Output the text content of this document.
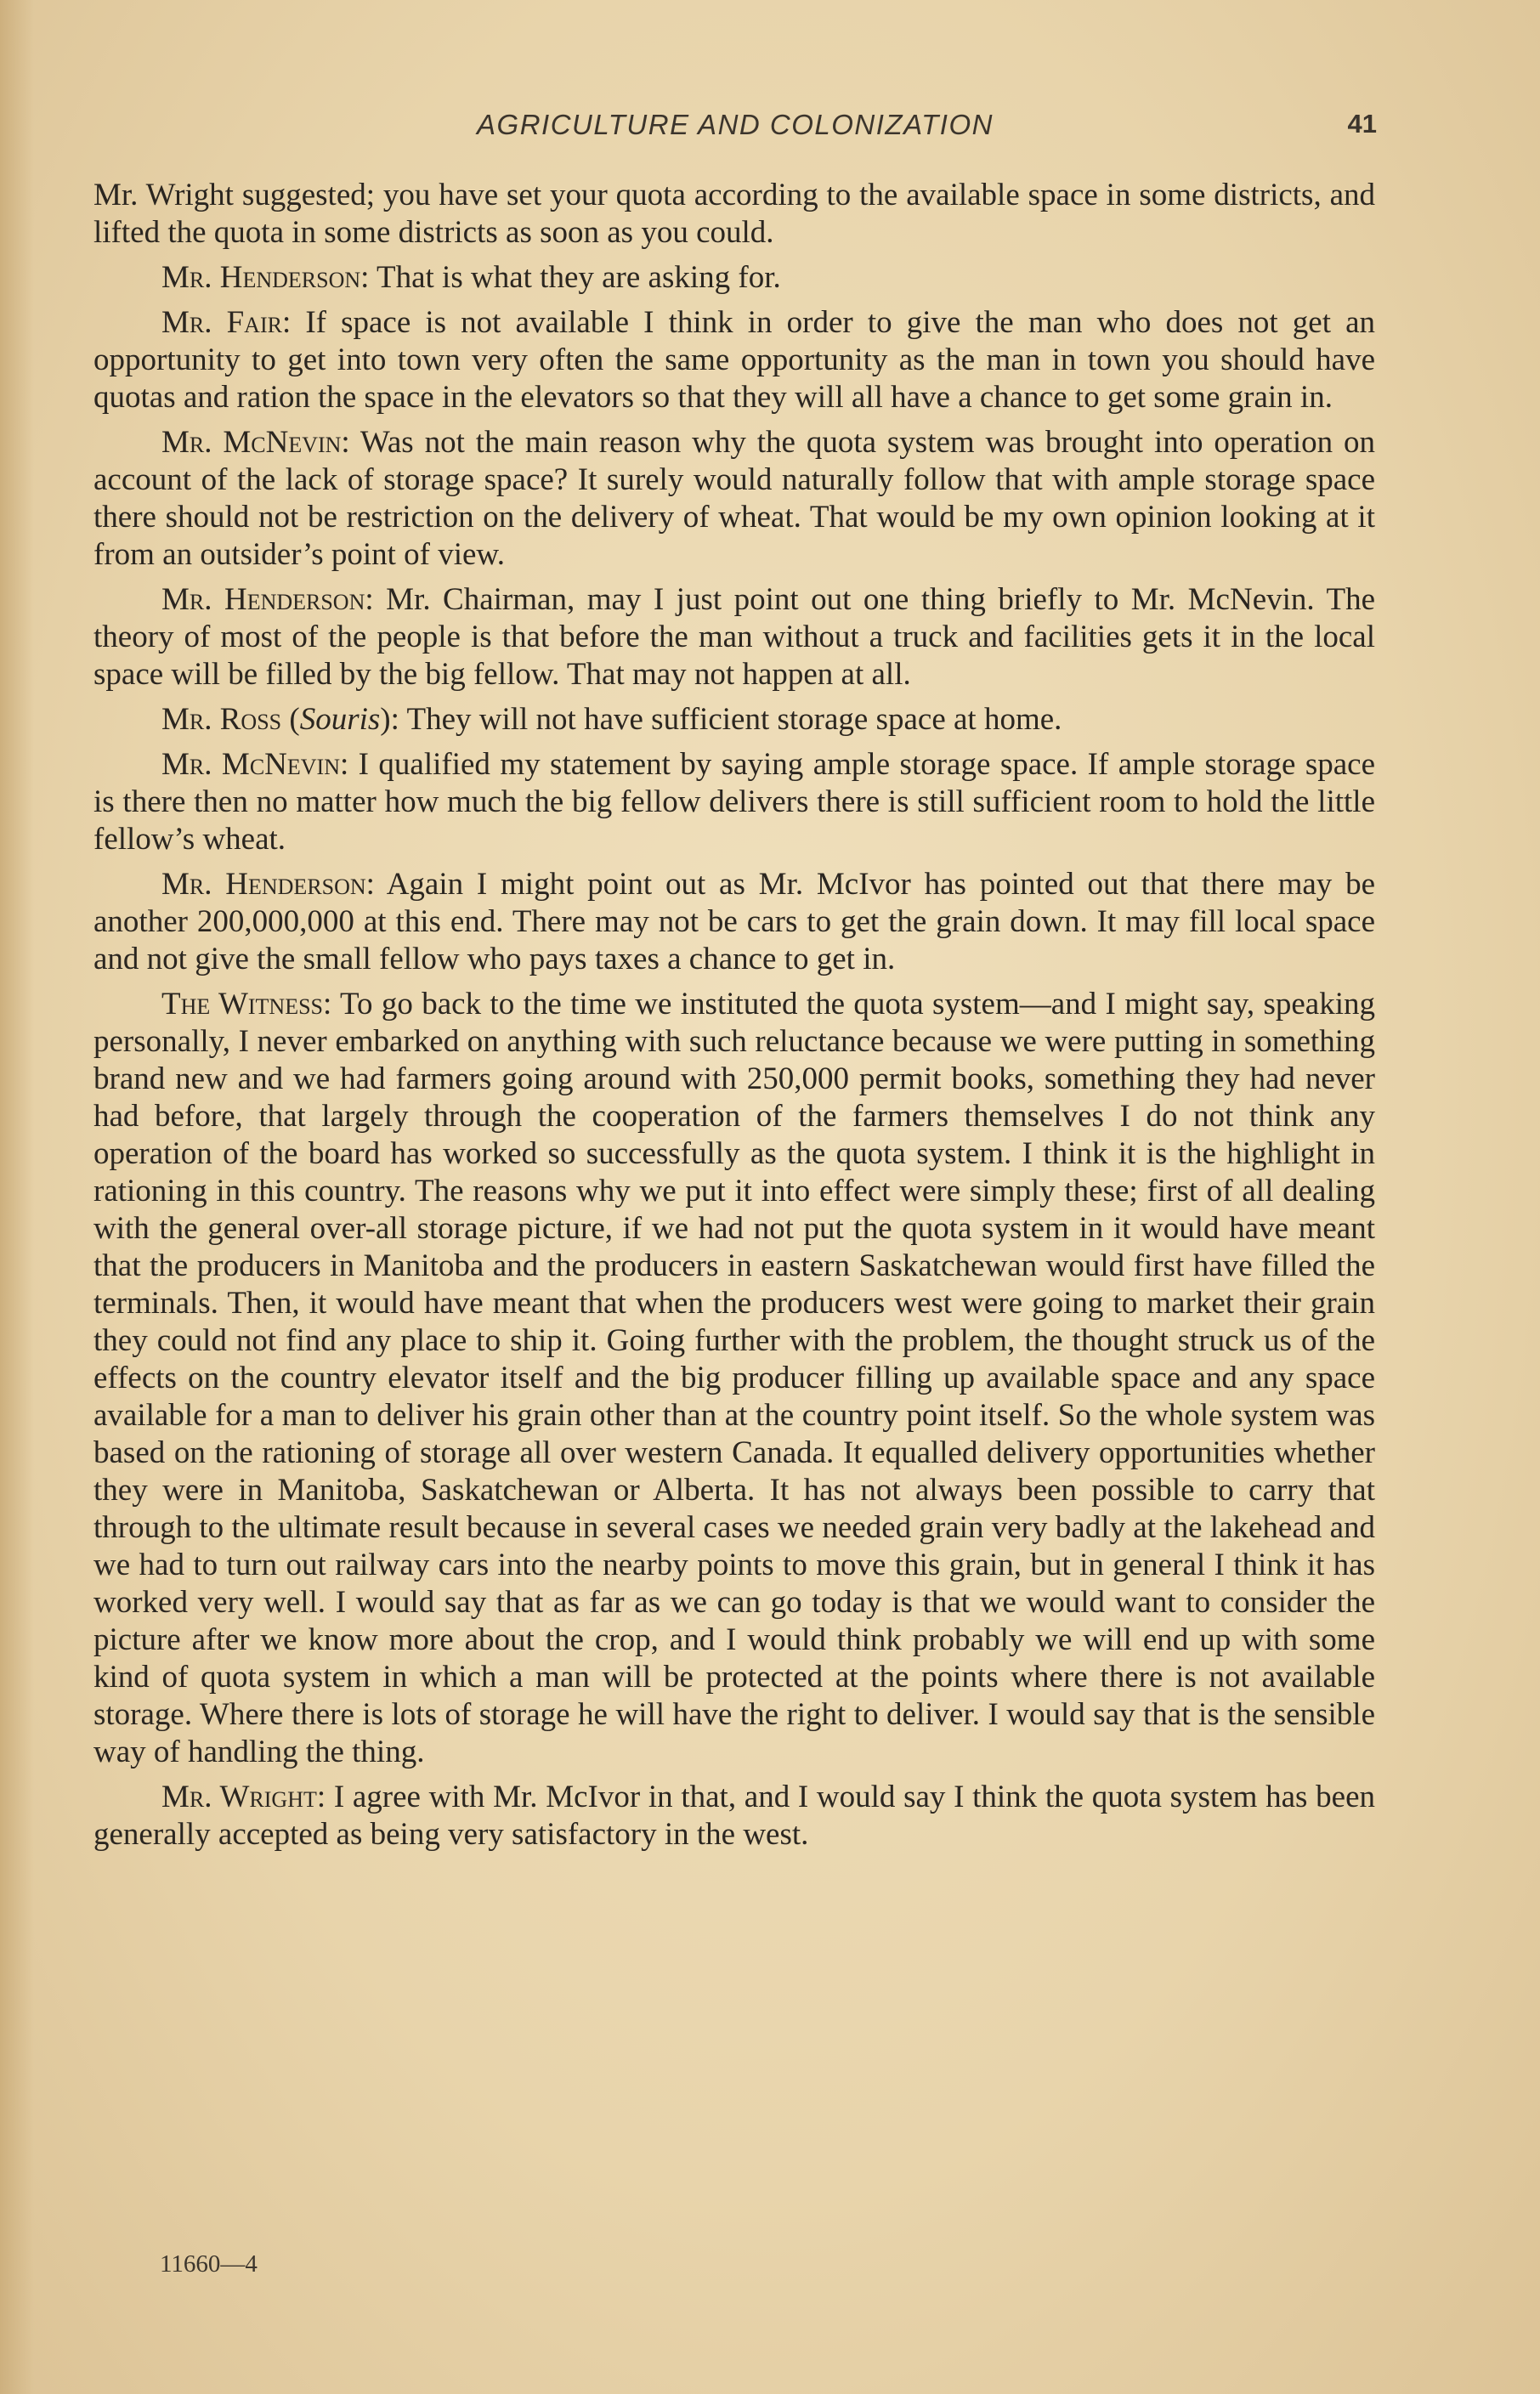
AGRICULTURE AND COLONIZATION	41

Mr. Wright suggested; you have set your quota according to the available space in some districts, and lifted the quota in some districts as soon as you could.

Mr. Henderson: That is what they are asking for.

Mr. Fair: If space is not available I think in order to give the man who does not get an opportunity to get into town very often the same opportunity as the man in town you should have quotas and ration the space in the elevators so that they will all have a chance to get some grain in.

Mr. McNevin: Was not the main reason why the quota system was brought into operation on account of the lack of storage space? It surely would naturally follow that with ample storage space there should not be restriction on the delivery of wheat. That would be my own opinion looking at it from an outsider’s point of view.

Mr. Henderson: Mr. Chairman, may I just point out one thing briefly to Mr. McNevin. The theory of most of the people is that before the man without a truck and facilities gets it in the local space will be filled by the big fellow. That may not happen at all.

Mr. Ross (Souris): They will not have sufficient storage space at home.

Mr. McNevin: I qualified my statement by saying ample storage space. If ample storage space is there then no matter how much the big fellow delivers there is still sufficient room to hold the little fellow’s wheat.

Mr. Henderson: Again I might point out as Mr. McIvor has pointed out that there may be another 200,000,000 at this end. There may not be cars to get the grain down. It may fill local space and not give the small fellow who pays taxes a chance to get in.

The Witness: To go back to the time we instituted the quota system—and I might say, speaking personally, I never embarked on anything with such reluctance because we were putting in something brand new and we had farmers going around with 250,000 permit books, something they had never had before, that largely through the cooperation of the farmers themselves I do not think any operation of the board has worked so successfully as the quota system. I think it is the highlight in rationing in this country. The reasons why we put it into effect were simply these; first of all dealing with the general over-all storage picture, if we had not put the quota system in it would have meant that the producers in Manitoba and the producers in eastern Saskatchewan would first have filled the terminals. Then, it would have meant that when the producers west were going to market their grain they could not find any place to ship it. Going further with the problem, the thought struck us of the effects on the country elevator itself and the big producer filling up available space and any space available for a man to deliver his grain other than at the country point itself. So the whole system was based on the rationing of storage all over western Canada. It equalled delivery opportunities whether they were in Manitoba, Saskatchewan or Alberta. It has not always been possible to carry that through to the ultimate result because in several cases we needed grain very badly at the lakehead and we had to turn out railway cars into the nearby points to move this grain, but in general I think it has worked very well. I would say that as far as we can go today is that we would want to consider the picture after we know more about the crop, and I would think probably we will end up with some kind of quota system in which a man will be protected at the points where there is not available storage. Where there is lots of storage he will have the right to deliver. I would say that is the sensible way of handling the thing.

Mr. Wright: I agree with Mr. McIvor in that, and I would say I think the quota system has been generally accepted as being very satisfactory in the west.

11660—4
